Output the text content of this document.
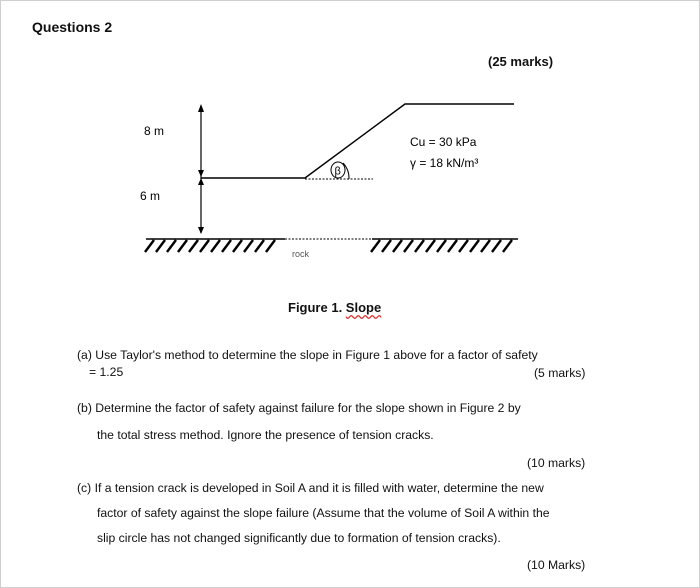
Questions 2
(25 marks)
β
rock
8 m
6 m
Cu = 30 kPa
γ = 18 kN/m³
Figure 1. Slope
(a) Use Taylor's method to determine the slope in Figure 1 above for a factor of safety
= 1.25	(5 marks)
(b) Determine the factor of safety against failure for the slope shown in Figure 2 by
the total stress method. Ignore the presence of tension cracks.
(10 marks)
(c) If a tension crack is developed in Soil A and it is filled with water, determine the new
factor of safety against the slope failure (Assume that the volume of Soil A within the
slip circle has not changed significantly due to formation of tension cracks).
(10 Marks)
